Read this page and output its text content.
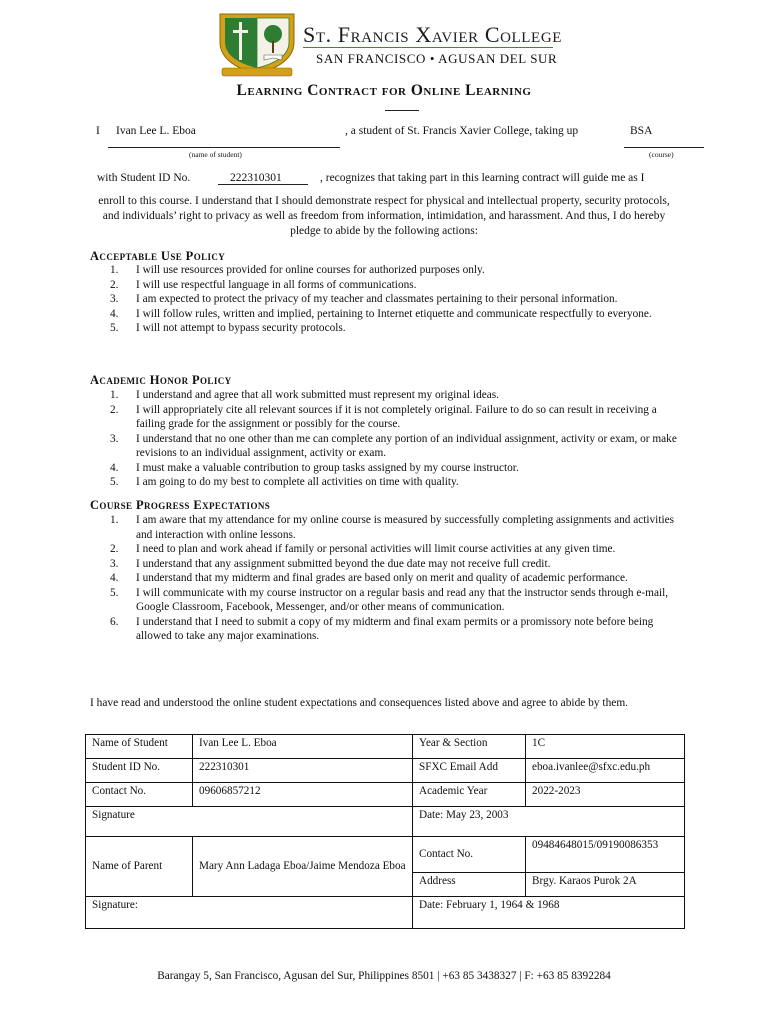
St. Francis Xavier College
SAN FRANCISCO • AGUSAN DEL SUR
Learning Contract for Online Learning
I Ivan Lee L. Eboa	, a student of St. Francis Xavier College, taking up	BSA
(name of student)	(course)
with Student ID No.	222310301	, recognizes that taking part in this learning contract will guide me as I
enroll to this course. I understand that I should demonstrate respect for physical and intellectual property, security protocols, and individuals’ right to privacy as well as freedom from information, intimidation, and harassment. And thus, I do hereby pledge to abide by the following actions:
Acceptable Use Policy
1. I will use resources provided for online courses for authorized purposes only.
2. I will use respectful language in all forms of communications.
3. I am expected to protect the privacy of my teacher and classmates pertaining to their personal information.
4. I will follow rules, written and implied, pertaining to Internet etiquette and communicate respectfully to everyone.
5. I will not attempt to bypass security protocols.
Academic Honor Policy
1. I understand and agree that all work submitted must represent my original ideas.
2. I will appropriately cite all relevant sources if it is not completely original. Failure to do so can result in receiving a failing grade for the assignment or possibly for the course.
3. I understand that no one other than me can complete any portion of an individual assignment, activity or exam, or make revisions to an individual assignment, activity or exam.
4. I must make a valuable contribution to group tasks assigned by my course instructor.
5. I am going to do my best to complete all activities on time with quality.
Course Progress Expectations
1. I am aware that my attendance for my online course is measured by successfully completing assignments and activities and interaction with online lessons.
2. I need to plan and work ahead if family or personal activities will limit course activities at any given time.
3. I understand that any assignment submitted beyond the due date may not receive full credit.
4. I understand that my midterm and final grades are based only on merit and quality of academic performance.
5. I will communicate with my course instructor on a regular basis and read any that the instructor sends through e-mail, Google Classroom, Facebook, Messenger, and/or other means of communication.
6. I understand that I need to submit a copy of my midterm and final exam permits or a promissory note before being allowed to take any major examinations.
I have read and understood the online student expectations and consequences listed above and agree to abide by them.
Name of Student	Ivan Lee L. Eboa	Year & Section	1C
Student ID No.	222310301	SFXC Email Add	eboa.ivanlee@sfxc.edu.ph
Contact No.	09606857212	Academic Year	2022-2023
Signature		Date: May 23, 2003	
Name of Parent	Mary Ann Ladaga Eboa/Jaime Mendoza Eboa	Contact No.	09484648015/09190086353
		Address	Brgy. Karaos Purok 2A
Signature:		Date: February 1, 1964 & 1968	
Barangay 5, San Francisco, Agusan del Sur, Philippines 8501 | +63 85 3438327 | F: +63 85 8392284
